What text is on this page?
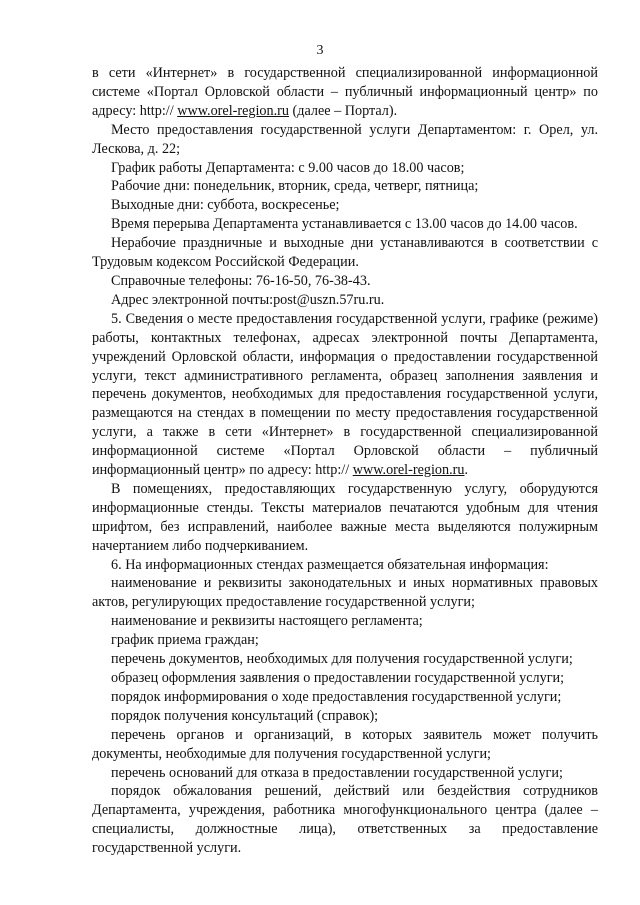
3

в сети «Интернет» в государственной специализированной информационной системе «Портал Орловской области – публичный информационный центр» по адресу: http:// www.orel-region.ru (далее – Портал).

Место предоставления государственной услуги Департаментом: г. Орел, ул. Лескова, д. 22;

График работы Департамента: с 9.00 часов до 18.00 часов;

Рабочие дни: понедельник, вторник, среда, четверг, пятница;

Выходные дни: суббота, воскресенье;

Время перерыва Департамента устанавливается с 13.00 часов до 14.00 часов.

Нерабочие праздничные и выходные дни устанавливаются в соответствии с Трудовым кодексом Российской Федерации.

Справочные телефоны: 76-16-50, 76-38-43.

Адрес электронной почты:post@uszn.57ru.ru.

5. Сведения о месте предоставления государственной услуги, графике (режиме) работы, контактных телефонах, адресах электронной почты Департамента, учреждений Орловской области, информация о предоставлении государственной услуги, текст административного регламента, образец заполнения заявления и перечень документов, необходимых для предоставления государственной услуги, размещаются на стендах в помещении по месту предоставления государственной услуги, а также в сети «Интернет» в государственной специализированной информационной системе «Портал Орловской области – публичный информационный центр» по адресу: http:// www.orel-region.ru.

В помещениях, предоставляющих государственную услугу, оборудуются информационные стенды. Тексты материалов печатаются удобным для чтения шрифтом, без исправлений, наиболее важные места выделяются полужирным начертанием либо подчеркиванием.

6. На информационных стендах размещается обязательная информация:

наименование и реквизиты законодательных и иных нормативных правовых актов, регулирующих предоставление государственной услуги;

наименование и реквизиты настоящего регламента;

график приема граждан;

перечень документов, необходимых для получения государственной услуги;

образец оформления заявления о предоставлении государственной услуги;

порядок информирования о ходе предоставления государственной услуги;

порядок получения консультаций (справок);

перечень органов и организаций, в которых заявитель может получить документы, необходимые для получения государственной услуги;

перечень оснований для отказа в предоставлении государственной услуги;

порядок обжалования решений, действий или бездействия сотрудников Департамента, учреждения, работника многофункционального центра (далее – специалисты, должностные лица), ответственных за предоставление государственной услуги.
